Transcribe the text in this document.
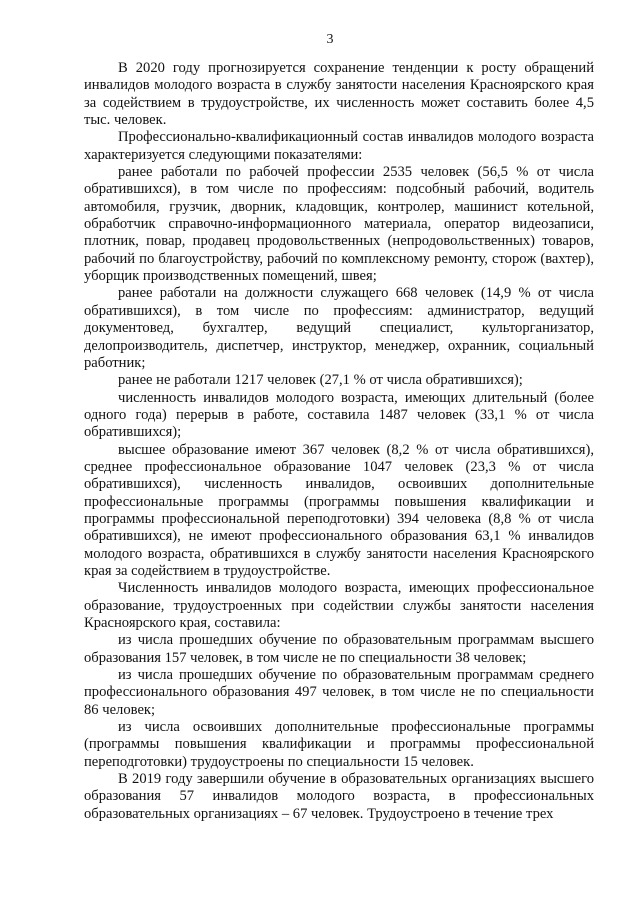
3

В 2020 году прогнозируется сохранение тенденции к росту обращений инвалидов молодого возраста в службу занятости населения Красноярского края за содействием в трудоустройстве, их численность может составить более 4,5 тыс. человек.

Профессионально-квалификационный состав инвалидов молодого возраста характеризуется следующими показателями:

ранее работали по рабочей профессии 2535 человек (56,5 % от числа обратившихся), в том числе по профессиям: подсобный рабочий, водитель автомобиля, грузчик, дворник, кладовщик, контролер, машинист котельной, обработчик справочно-информационного материала, оператор видеозаписи, плотник, повар, продавец продовольственных (непродовольственных) товаров, рабочий по благоустройству, рабочий по комплексному ремонту, сторож (вахтер), уборщик производственных помещений, швея;

ранее работали на должности служащего 668 человек (14,9 % от числа обратившихся), в том числе по профессиям: администратор, ведущий документовед, бухгалтер, ведущий специалист, культорганизатор, делопроизводитель, диспетчер, инструктор, менеджер, охранник, социальный работник;

ранее не работали 1217 человек (27,1 % от числа обратившихся);

численность инвалидов молодого возраста, имеющих длительный (более одного года) перерыв в работе, составила 1487 человек (33,1 % от числа обратившихся);

высшее образование имеют 367 человек (8,2 % от числа обратившихся), среднее профессиональное образование 1047 человек (23,3 % от числа обратившихся), численность инвалидов, освоивших дополнительные профессиональные программы (программы повышения квалификации и программы профессиональной переподготовки) 394 человека (8,8 % от числа обратившихся), не имеют профессионального образования 63,1 % инвалидов молодого возраста, обратившихся в службу занятости населения Красноярского края за содействием в трудоустройстве.

Численность инвалидов молодого возраста, имеющих профессиональное образование, трудоустроенных при содействии службы занятости населения Красноярского края, составила:

из числа прошедших обучение по образовательным программам высшего образования 157 человек, в том числе не по специальности 38 человек;

из числа прошедших обучение по образовательным программам среднего профессионального образования 497 человек, в том числе не по специальности 86 человек;

из числа освоивших дополнительные профессиональные программы (программы повышения квалификации и программы профессиональной переподготовки) трудоустроены по специальности 15 человек.

В 2019 году завершили обучение в образовательных организациях высшего образования 57 инвалидов молодого возраста, в профессиональных образовательных организациях – 67 человек. Трудоустроено в течение трех
